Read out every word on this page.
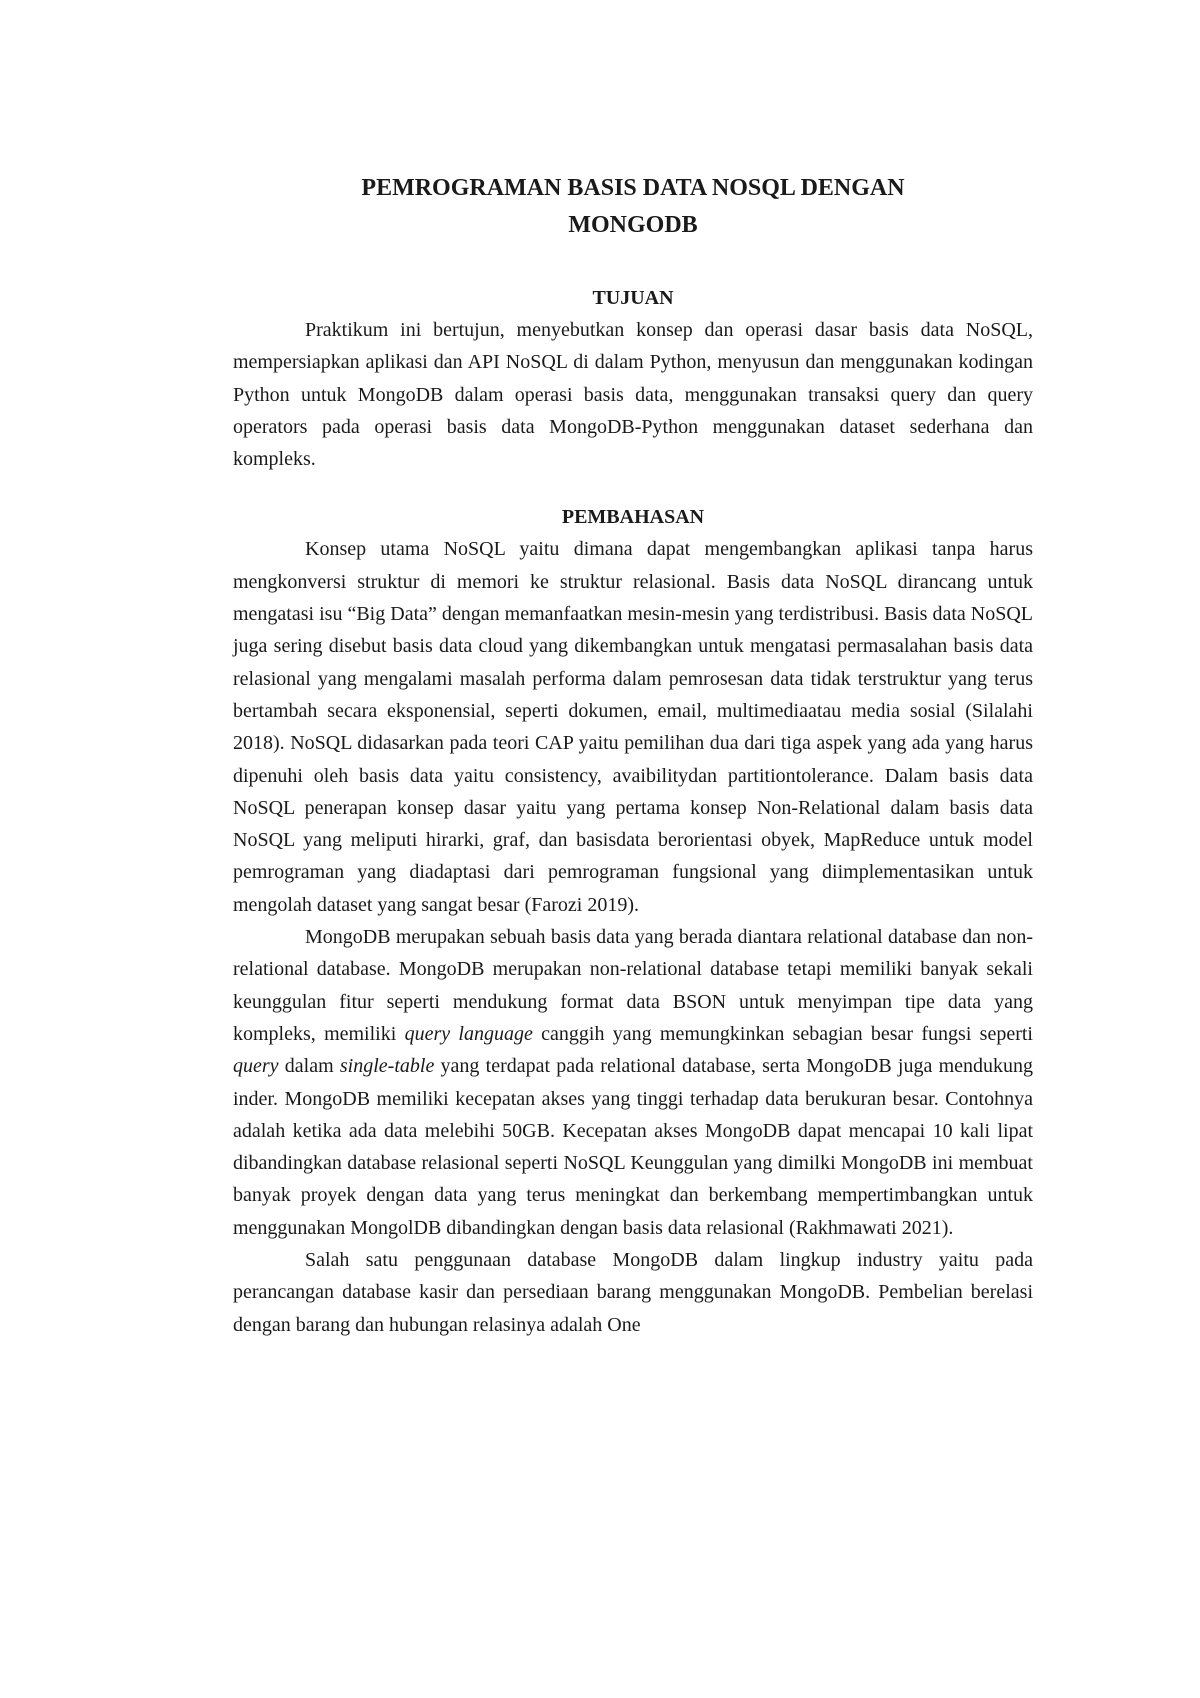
PEMROGRAMAN BASIS DATA NOSQL DENGAN
MONGODB
TUJUAN

Praktikum ini bertujun, menyebutkan konsep dan operasi dasar basis data NoSQL, mempersiapkan aplikasi dan API NoSQL di dalam Python, menyusun dan menggunakan kodingan Python untuk MongoDB dalam operasi basis data, menggunakan transaksi query dan query operators pada operasi basis data MongoDB-Python menggunakan dataset sederhana dan kompleks.

PEMBAHASAN

Konsep utama NoSQL yaitu dimana dapat mengembangkan aplikasi tanpa harus mengkonversi struktur di memori ke struktur relasional. Basis data NoSQL dirancang untuk mengatasi isu “Big Data” dengan memanfaatkan mesin-mesin yang terdistribusi. Basis data NoSQL juga sering disebut basis data cloud yang dikembangkan untuk mengatasi permasalahan basis data relasional yang mengalami masalah performa dalam pemrosesan data tidak terstruktur yang terus bertambah secara eksponensial, seperti dokumen, email, multimediaatau media sosial (Silalahi 2018). NoSQL didasarkan pada teori CAP yaitu pemilihan dua dari tiga aspek yang ada yang harus dipenuhi oleh basis data yaitu consistency, avaibilitydan partitiontolerance. Dalam basis data NoSQL penerapan konsep dasar yaitu yang pertama konsep Non-Relational dalam basis data NoSQL yang meliputi hirarki, graf, dan basisdata berorientasi obyek, MapReduce untuk model pemrograman yang diadaptasi dari pemrograman fungsional yang diimplementasikan untuk mengolah dataset yang sangat besar (Farozi 2019).

MongoDB merupakan sebuah basis data yang berada diantara relational database dan non-relational database. MongoDB merupakan non-relational database tetapi memiliki banyak sekali keunggulan fitur seperti mendukung format data BSON untuk menyimpan tipe data yang kompleks, memiliki query language canggih yang memungkinkan sebagian besar fungsi seperti query dalam single-table yang terdapat pada relational database, serta MongoDB juga mendukung inder. MongoDB memiliki kecepatan akses yang tinggi terhadap data berukuran besar. Contohnya adalah ketika ada data melebihi 50GB. Kecepatan akses MongoDB dapat mencapai 10 kali lipat dibandingkan database relasional seperti NoSQL Keunggulan yang dimilki MongoDB ini membuat banyak proyek dengan data yang terus meningkat dan berkembang mempertimbangkan untuk menggunakan MongolDB dibandingkan dengan basis data relasional (Rakhmawati 2021).

Salah satu penggunaan database MongoDB dalam lingkup industry yaitu pada perancangan database kasir dan persediaan barang menggunakan MongoDB. Pembelian berelasi dengan barang dan hubungan relasinya adalah One
